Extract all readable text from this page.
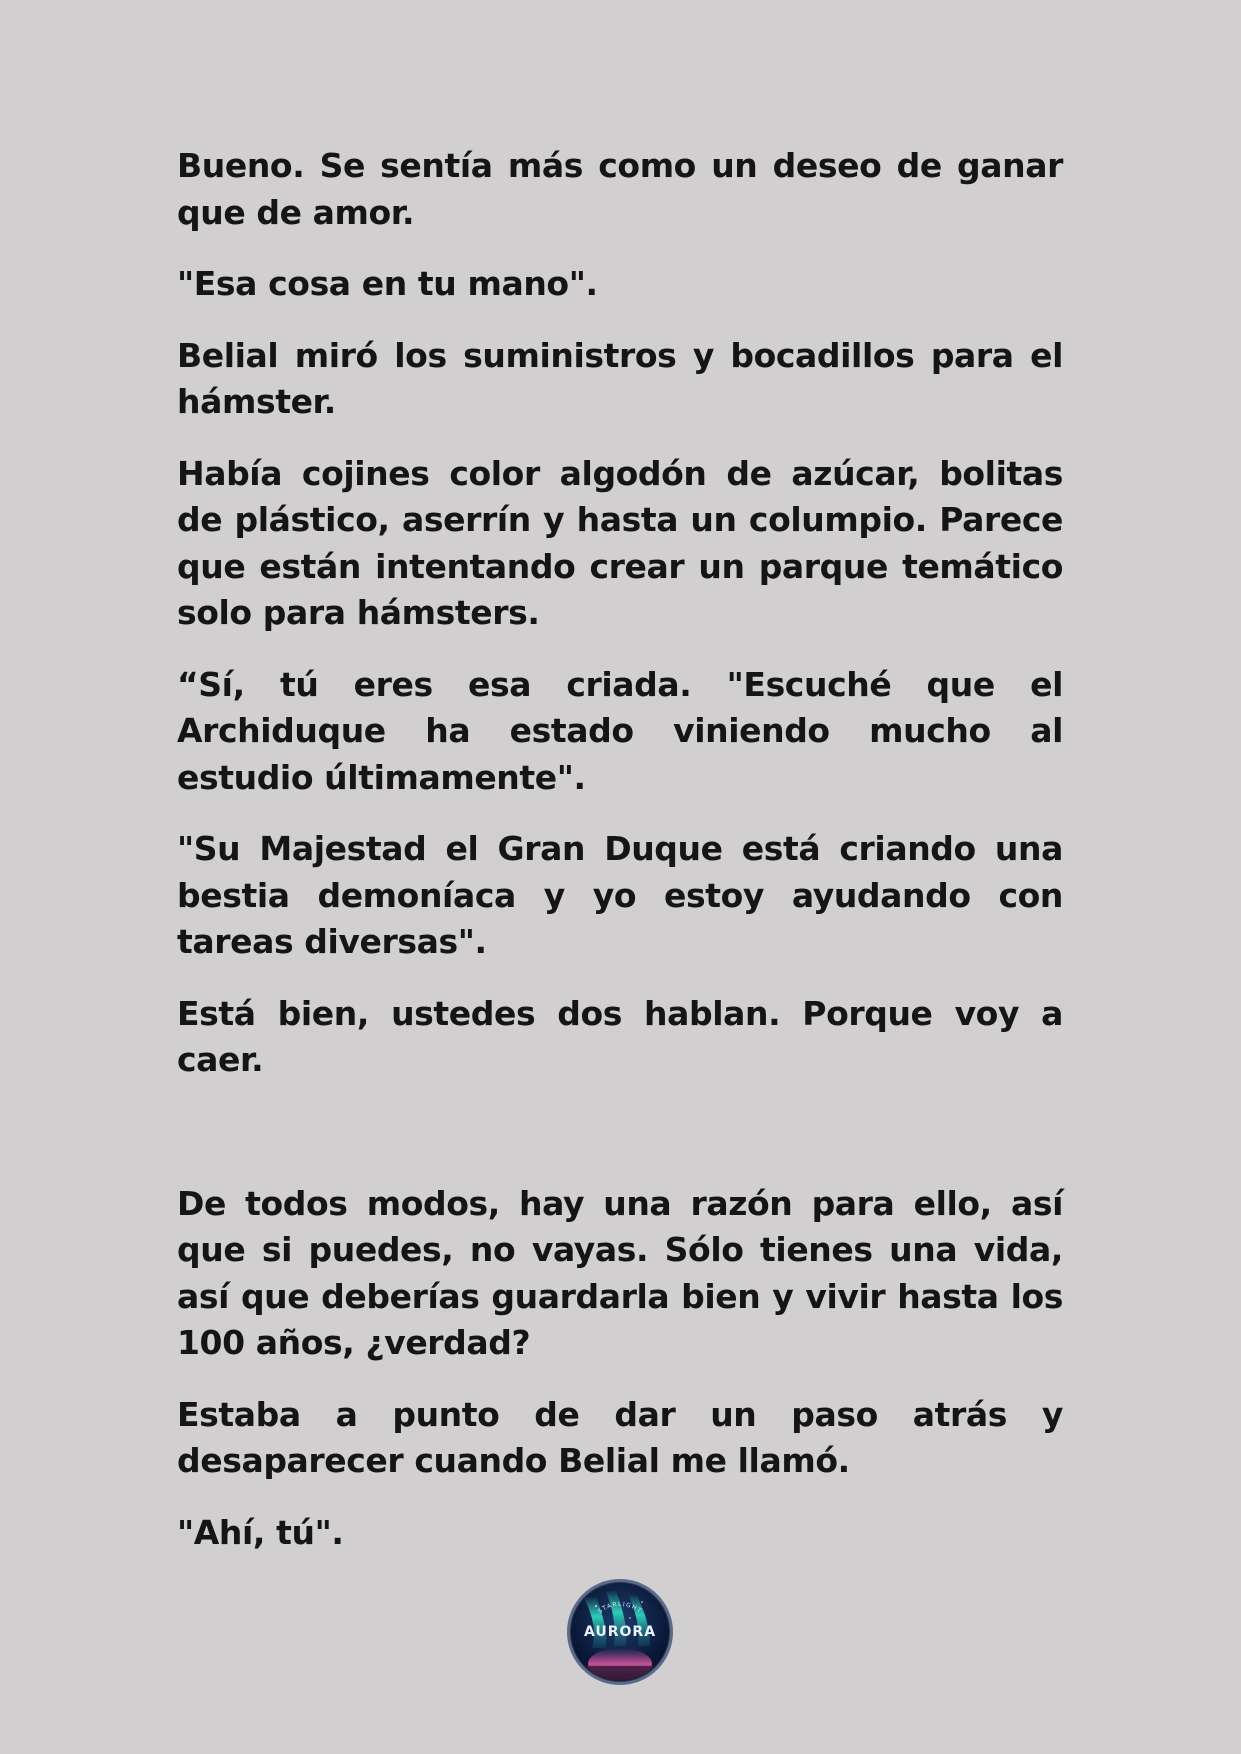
Bueno. Se sentía más como un deseo de ganar que de amor.

"Esa cosa en tu mano".

Belial miró los suministros y bocadillos para el hámster.

Había cojines color algodón de azúcar, bolitas de plástico, aserrín y hasta un columpio. Parece que están intentando crear un parque temático solo para hámsters.

“Sí, tú eres esa criada. "Escuché que el Archiduque ha estado viniendo mucho al estudio últimamente".

"Su Majestad el Gran Duque está criando una bestia demoníaca y yo estoy ayudando con tareas diversas".

Está bien, ustedes dos hablan. Porque voy a caer.

De todos modos, hay una razón para ello, así que si puedes, no vayas. Sólo tienes una vida, así que deberías guardarla bien y vivir hasta los 100 años, ¿verdad?

Estaba a punto de dar un paso atrás y desaparecer cuando Belial me llamó.

"Ahí, tú".

STARLIGHT
AURORA
